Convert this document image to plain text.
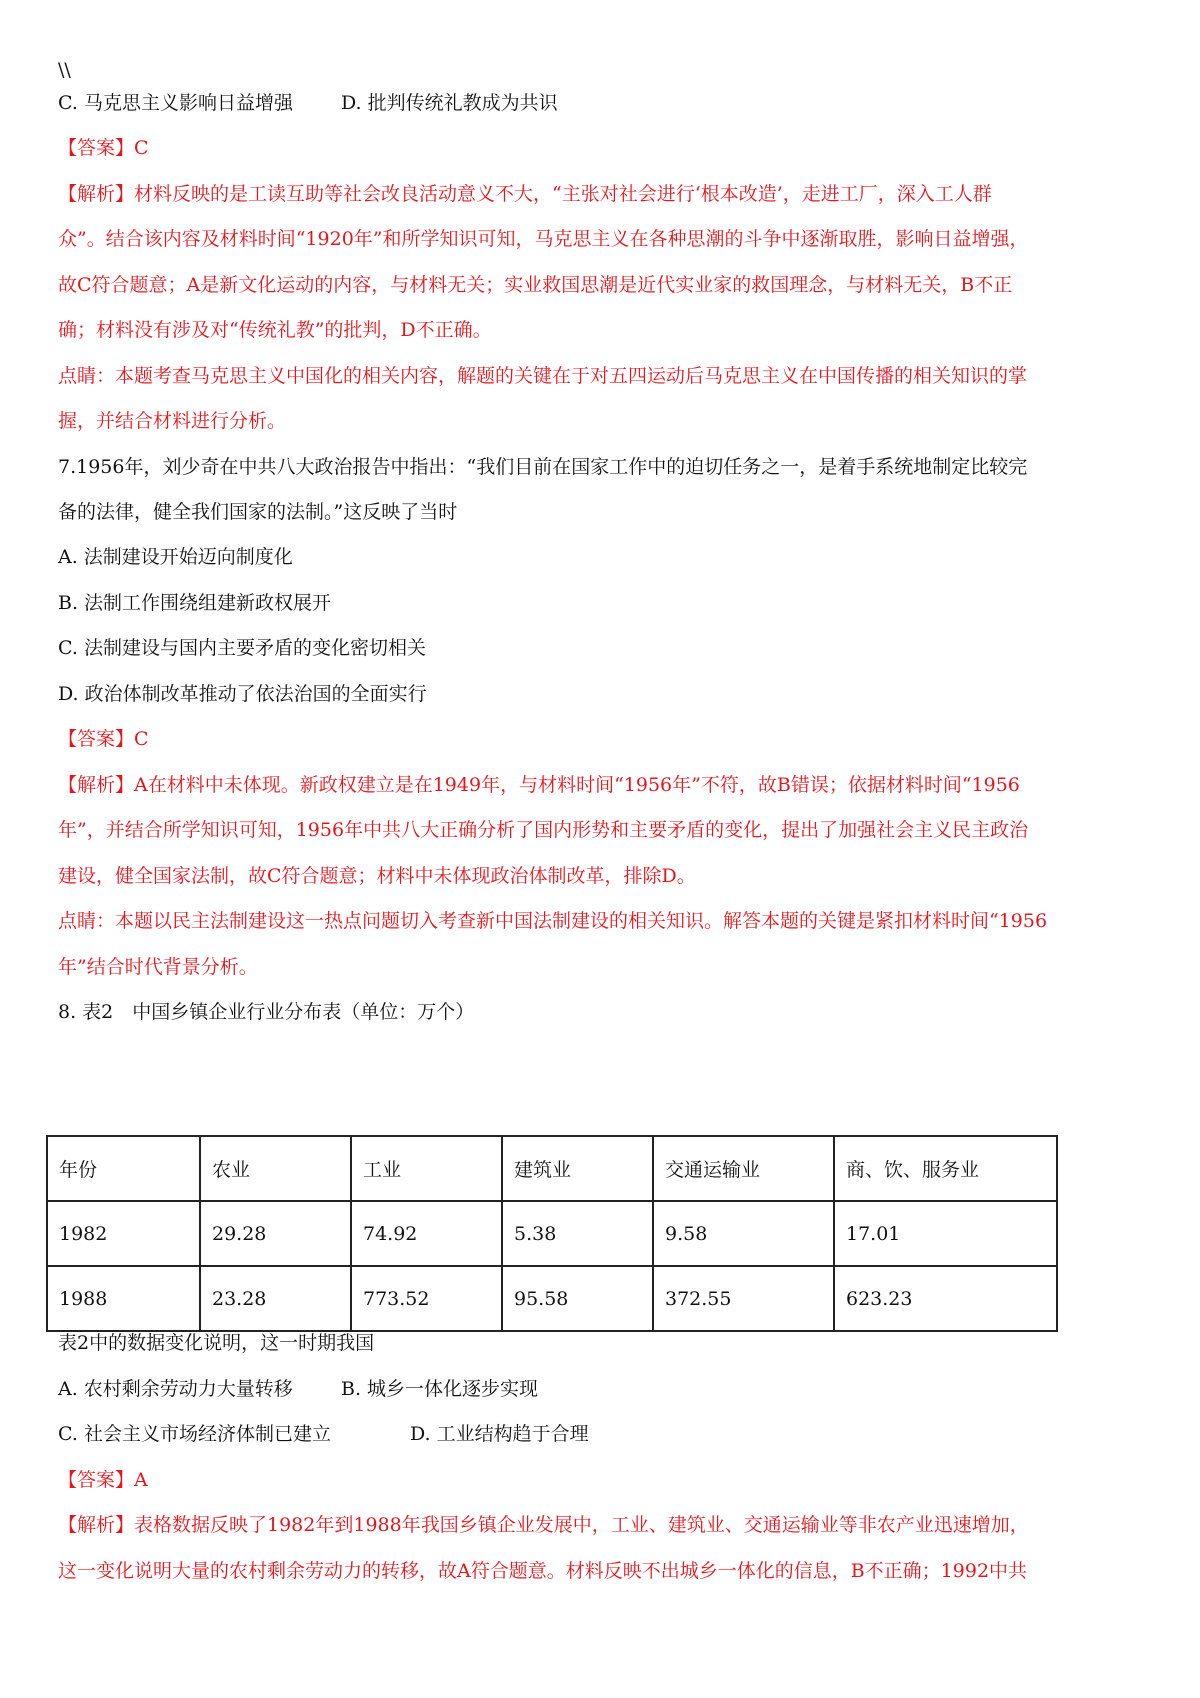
\\
C. 马克思主义影响日益增强	D. 批判传统礼教成为共识
【答案】C
【解析】材料反映的是工读互助等社会改良活动意义不大，“主张对社会进行‘根本改造’，走进工厂，深入工人群
众”。结合该内容及材料时间“1920年”和所学知识可知，马克思主义在各种思潮的斗争中逐渐取胜，影响日益增强，
故C符合题意；A是新文化运动的内容，与材料无关；实业救国思潮是近代实业家的救国理念，与材料无关，B不正
确；材料没有涉及对“传统礼教”的批判，D不正确。
点睛：本题考查马克思主义中国化的相关内容，解题的关键在于对五四运动后马克思主义在中国传播的相关知识的掌
握，并结合材料进行分析。
7.1956年，刘少奇在中共八大政治报告中指出：“我们目前在国家工作中的迫切任务之一，是着手系统地制定比较完
备的法律，健全我们国家的法制。”这反映了当时
A. 法制建设开始迈向制度化
B. 法制工作围绕组建新政权展开
C. 法制建设与国内主要矛盾的变化密切相关
D. 政治体制改革推动了依法治国的全面实行
【答案】C
【解析】A在材料中未体现。新政权建立是在1949年，与材料时间“1956年”不符，故B错误；依据材料时间“1956
年”，并结合所学知识可知，1956年中共八大正确分析了国内形势和主要矛盾的变化，提出了加强社会主义民主政治
建设，健全国家法制，故C符合题意；材料中未体现政治体制改革，排除D。
点睛：本题以民主法制建设这一热点问题切入考查新中国法制建设的相关知识。解答本题的关键是紧扣材料时间“1956
年”结合时代背景分析。
8. 表2　中国乡镇企业行业分布表（单位：万个）
年份	农业	工业	建筑业	交通运输业	商、饮、服务业
1982	29.28	74.92	5.38	9.58	17.01
1988	23.28	773.52	95.58	372.55	623.23
表2中的数据变化说明，这一时期我国
A. 农村剩余劳动力大量转移	B. 城乡一体化逐步实现
C. 社会主义市场经济体制已建立	D. 工业结构趋于合理
【答案】A
【解析】表格数据反映了1982年到1988年我国乡镇企业发展中，工业、建筑业、交通运输业等非农产业迅速增加，
这一变化说明大量的农村剩余劳动力的转移，故A符合题意。材料反映不出城乡一体化的信息，B不正确；1992中共
